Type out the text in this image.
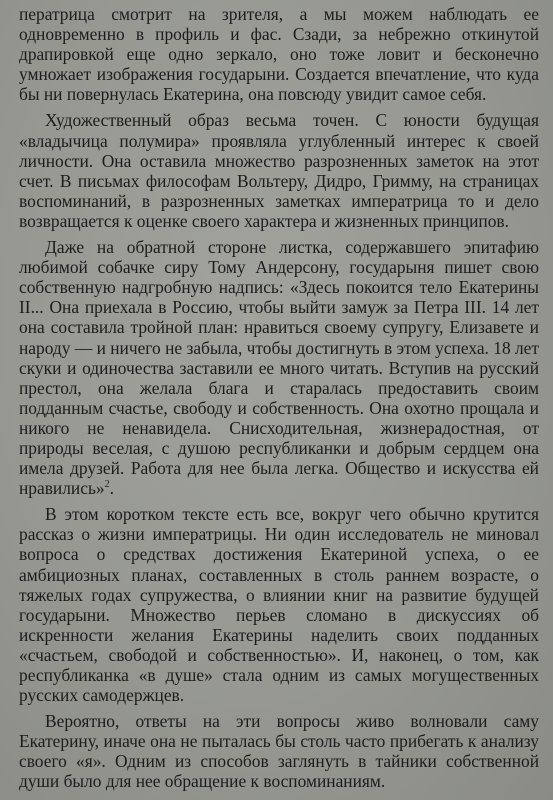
ператрица смотрит на зрителя, а мы можем наблюдать ее одновременно в профиль и фас. Сзади, за небрежно откинутой драпировкой еще одно зеркало, оно тоже ловит и бесконечно умножает изображения государыни. Создается впечатление, что куда бы ни повернулась Екатерина, она повсюду увидит самое себя.

Художественный образ весьма точен. С юности будущая «владычица полумира» проявляла углубленный интерес к своей личности. Она оставила множество разрозненных заметок на этот счет. В письмах философам Вольтеру, Дидро, Гримму, на страницах воспоминаний, в разрозненных заметках императрица то и дело возвращается к оценке своего характера и жизненных принципов.

Даже на обратной стороне листка, содержавшего эпитафию любимой собачке сиру Тому Андерсону, государыня пишет свою собственную надгробную надпись: «Здесь покоится тело Екатерины II... Она приехала в Россию, чтобы выйти замуж за Петра III. 14 лет она составила тройной план: нравиться своему супругу, Елизавете и народу — и ничего не забыла, чтобы достигнуть в этом успеха. 18 лет скуки и одиночества заставили ее много читать. Вступив на русский престол, она желала блага и старалась предоставить своим подданным счастье, свободу и собственность. Она охотно прощала и никого не ненавидела. Снисходительная, жизнерадостная, от природы веселая, с душою республиканки и добрым сердцем она имела друзей. Работа для нее была легка. Общество и искусства ей нравились»$^2$.

В этом коротком тексте есть все, вокруг чего обычно крутится рассказ о жизни императрицы. Ни один исследователь не миновал вопроса о средствах достижения Екатериной успеха, о ее амбициозных планах, составленных в столь раннем возрасте, о тяжелых годах супружества, о влиянии книг на развитие будущей государыни. Множество перьев сломано в дискуссиях об искренности желания Екатерины наделить своих подданных «счастьем, свободой и собственностью». И, наконец, о том, как республиканка «в душе» стала одним из самых могущественных русских самодержцев.

Вероятно, ответы на эти вопросы живо волновали саму Екатерину, иначе она не пыталась бы столь часто прибегать к анализу своего «я». Одним из способов заглянуть в тайники собственной души было для нее обращение к воспоминаниям.
